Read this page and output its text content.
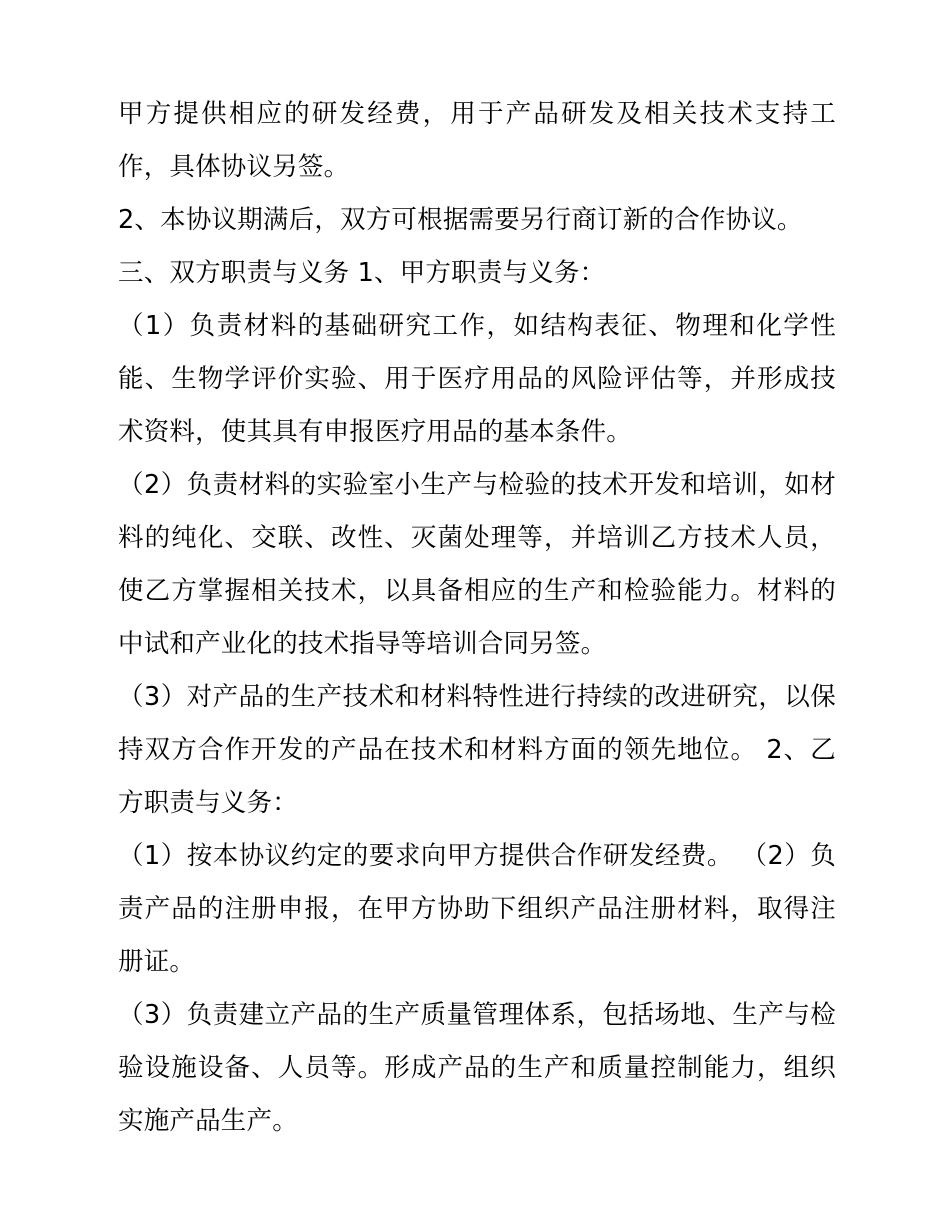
甲方提供相应的研发经费，用于产品研发及相关技术支持工作，具体协议另签。

2、本协议期满后，双方可根据需要另行商订新的合作协议。

三、双方职责与义务 1、甲方职责与义务：

（1）负责材料的基础研究工作，如结构表征、物理和化学性能、生物学评价实验、用于医疗用品的风险评估等，并形成技术资料，使其具有申报医疗用品的基本条件。

（2）负责材料的实验室小生产与检验的技术开发和培训，如材料的纯化、交联、改性、灭菌处理等，并培训乙方技术人员，使乙方掌握相关技术，以具备相应的生产和检验能力。材料的中试和产业化的技术指导等培训合同另签。

（3）对产品的生产技术和材料特性进行持续的改进研究，以保持双方合作开发的产品在技术和材料方面的领先地位。 2、乙方职责与义务：

（1）按本协议约定的要求向甲方提供合作研发经费。 （2）负责产品的注册申报，在甲方协助下组织产品注册材料，取得注册证。

（3）负责建立产品的生产质量管理体系，包括场地、生产与检验设施设备、人员等。形成产品的生产和质量控制能力，组织实施产品生产。
